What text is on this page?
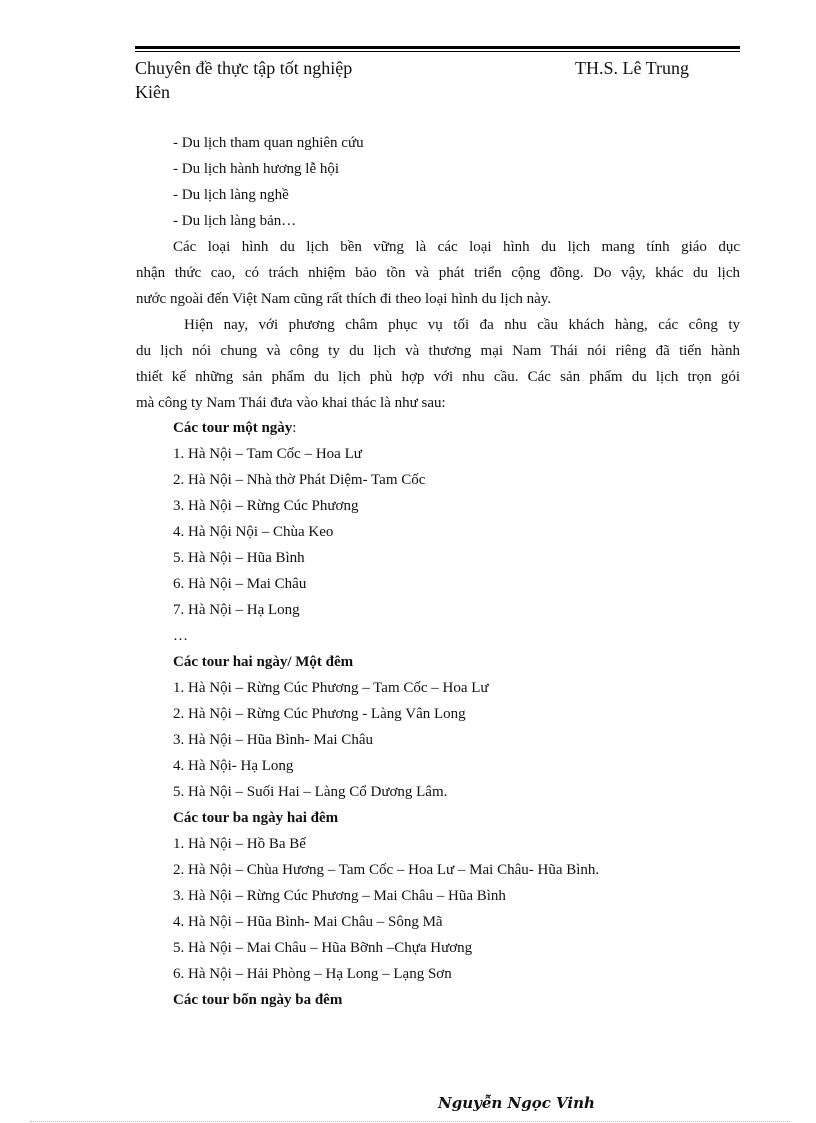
Chuyên đề thực tập tốt nghiệp	TH.S. Lê Trung
Kiên
- Du lịch tham quan nghiên cứu
- Du lịch hành hương lễ hội
- Du lịch làng nghề
- Du lịch làng bản…
Các loại hình du lịch bền vững là các loại hình du lịch mang tính giáo dục
nhận thức cao, có trách nhiệm bảo tồn và phát triển cộng đồng. Do vậy, khác du lịch
nước ngoài đến Việt Nam cũng rất thích đi theo loại hình du lịch này.
Hiện nay, với phương châm phục vụ tối đa nhu cầu khách hàng, các công ty
du lịch nói chung và công ty du lịch và thương mại Nam Thái nói riêng đã tiến hành
thiết kế những sản phẩm du lịch phù hợp với nhu cầu. Các sản phẩm du lịch trọn gói
mà công ty Nam Thái đưa vào khai thác là như sau:
Các tour một ngày:
1. Hà Nội – Tam Cốc – Hoa Lư
2. Hà Nội – Nhà thờ Phát Diệm- Tam Cốc
3. Hà Nội – Rừng Cúc Phương
4. Hà Nội Nội – Chùa Keo
5. Hà Nội – Hũa Bình
6. Hà Nội – Mai Châu
7. Hà Nội – Hạ Long
…
Các tour hai ngày/ Một đêm
1. Hà Nội – Rừng Cúc Phương – Tam Cốc – Hoa Lư
2. Hà Nội – Rừng Cúc Phương - Làng Vân Long
3. Hà Nội – Hũa Bình- Mai Châu
4. Hà Nội- Hạ Long
5. Hà Nội – Suối Hai – Làng Cổ Dương Lâm.
Các tour ba ngày hai đêm
1. Hà Nội – Hồ Ba Bể
2. Hà Nội – Chùa Hương – Tam Cốc – Hoa Lư – Mai Châu- Hũa Bình.
3. Hà Nội – Rừng Cúc Phương – Mai Châu – Hũa Bình
4. Hà Nội – Hũa Bình- Mai Châu – Sông Mã
5. Hà Nội – Mai Châu – Hũa Bỡnh –Chựa Hương
6. Hà Nội – Hải Phòng – Hạ Long – Lạng Sơn
Các tour bốn ngày ba đêm
Nguyễn Ngọc Vinh
